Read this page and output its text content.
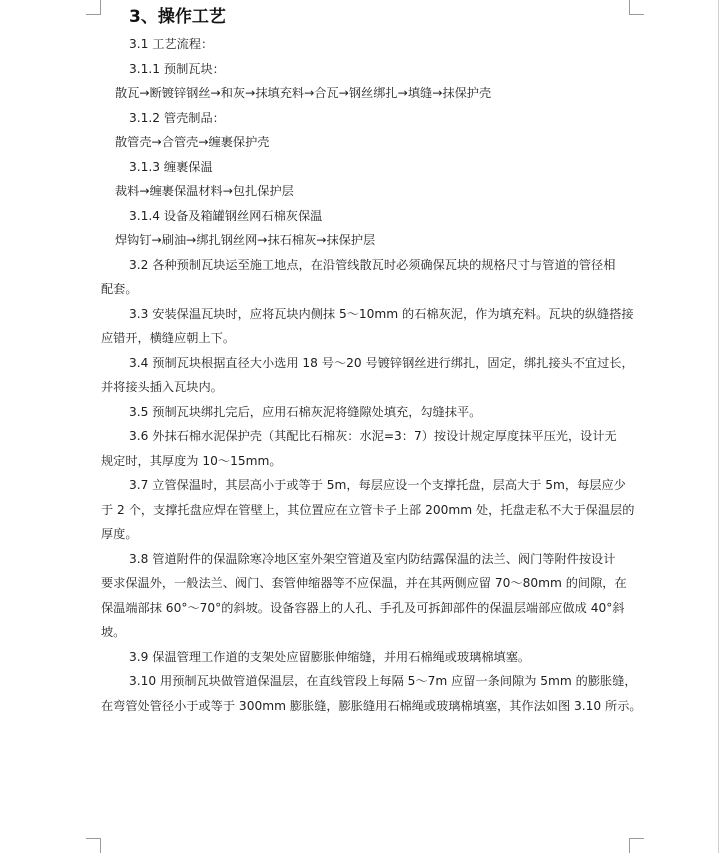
3、操作工艺
3.1 工艺流程：
3.1.1 预制瓦块：
散瓦→断镀锌钢丝→和灰→抹填充料→合瓦→钢丝绑扎→填缝→抹保护壳
3.1.2 管壳制品：
散管壳→合管壳→缠裹保护壳
3.1.3 缠裹保温
裁料→缠裹保温材料→包扎保护层
3.1.4 设备及箱罐钢丝网石棉灰保温
焊钩钉→刷油→绑扎钢丝网→抹石棉灰→抹保护层
3.2 各种预制瓦块运至施工地点，在沿管线散瓦时必须确保瓦块的规格尺寸与管道的管径相
配套。
3.3 安装保温瓦块时，应将瓦块内侧抹 5～10mm 的石棉灰泥，作为填充料。瓦块的纵缝搭接
应错开，横缝应朝上下。
3.4 预制瓦块根据直径大小选用 18 号～20 号镀锌钢丝进行绑扎，固定，绑扎接头不宜过长，
并将接头插入瓦块内。
3.5 预制瓦块绑扎完后，应用石棉灰泥将缝隙处填充，勾缝抹平。
3.6 外抹石棉水泥保护壳（其配比石棉灰：水泥=3：7）按设计规定厚度抹平压光，设计无
规定时，其厚度为 10～15mm。
3.7 立管保温时，其层高小于或等于 5m，每层应设一个支撑托盘，层高大于 5m，每层应少
于 2 个，支撑托盘应焊在管壁上，其位置应在立管卡子上部 200mm 处，托盘走私不大于保温层的
厚度。
3.8 管道附件的保温除寒冷地区室外架空管道及室内防结露保温的法兰、阀门等附件按设计
要求保温外，一般法兰、阀门、套管伸缩器等不应保温，并在其两侧应留 70～80mm 的间隙，在
保温端部抹 60°～70°的斜坡。设备容器上的人孔、手孔及可拆卸部件的保温层端部应做成 40°斜
坡。
3.9 保温管理工作道的支架处应留膨胀伸缩缝，并用石棉绳或玻璃棉填塞。
3.10 用预制瓦块做管道保温层，在直线管段上每隔 5～7m 应留一条间隙为 5mm 的膨胀缝，
在弯管处管径小于或等于 300mm 膨胀缝，膨胀缝用石棉绳或玻璃棉填塞，其作法如图 3.10 所示。
